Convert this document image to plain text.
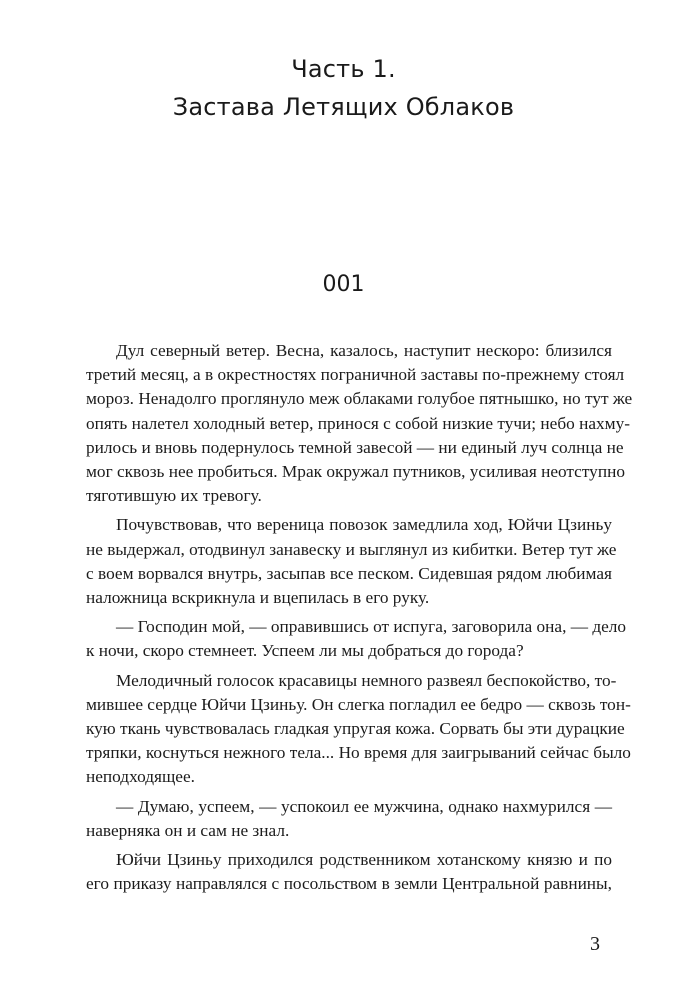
Часть 1.
Застава Летящих Облаков
001
Дул северный ветер. Весна, казалось, наступит нескоро: близился
третий месяц, а в окрестностях пограничной заставы по-прежнему стоял
мороз. Ненадолго проглянуло меж облаками голубое пятнышко, но тут же
опять налетел холодный ветер, принося с собой низкие тучи; небо нахму-
рилось и вновь подернулось темной завесой — ни единый луч солнца не
мог сквозь нее пробиться. Мрак окружал путников, усиливая неотступно
тяготившую их тревогу.
Почувствовав, что вереница повозок замедлила ход, Юйчи Цзиньу
не выдержал, отодвинул занавеску и выглянул из кибитки. Ветер тут же
с воем ворвался внутрь, засыпав все песком. Сидевшая рядом любимая
наложница вскрикнула и вцепилась в его руку.
— Господин мой, — оправившись от испуга, заговорила она, — дело
к ночи, скоро стемнеет. Успеем ли мы добраться до города?
Мелодичный голосок красавицы немного развеял беспокойство, то-
мившее сердце Юйчи Цзиньу. Он слегка погладил ее бедро — сквозь тон-
кую ткань чувствовалась гладкая упругая кожа. Сорвать бы эти дурацкие
тряпки, коснуться нежного тела... Но время для заигрываний сейчас было
неподходящее.
— Думаю, успеем, — успокоил ее мужчина, однако нахмурился —
наверняка он и сам не знал.
Юйчи Цзиньу приходился родственником хотанскому князю и по
его приказу направлялся с посольством в земли Центральной равнины,
3
